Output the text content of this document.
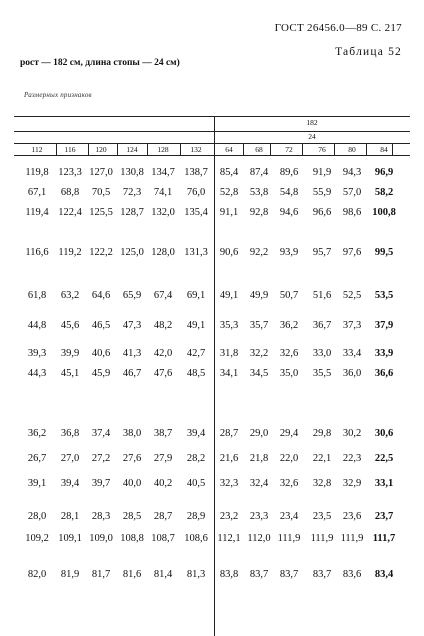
ГОСТ 26456.0—89 С. 217
Таблица 52
рост — 182 см, длина стопы — 24 см)
Размерных признаков
182
24
112	116	120	124	128	132	64	68	72	76	80	84
119,8 123,3 127,0 130,8 134,7 138,7	85,4	87,4	89,6	91,9	94,3	96,9
67,1	68,8	70,5	72,3	74,1	76,0	52,8	53,8	54,8	55,9	57,0	58,2
119,4 122,4 125,5 128,7 132,0 135,4	91,1	92,8	94,6	96,6	98,6	100,8
116,6 119,2 122,2 125,0 128,0 131,3	90,6	92,2	93,9	95,7	97,6	99,5
61,8	63,2	64,6	65,9	67,4	69,1	49,1	49,9	50,7	51,6	52,5	53,5
44,8	45,6	46,5	47,3	48,2	49,1	35,3	35,7	36,2	36,7	37,3	37,9
39,3	39,9	40,6	41,3	42,0	42,7	31,8	32,2	32,6	33,0	33,4	33,9
44,3	45,1	45,9	46,7	47,6	48,5	34,1	34,5	35,0	35,5	36,0	36,6
36,2	36,8	37,4	38,0	38,7	39,4	28,7	29,0	29,4	29,8	30,2	30,6
26,7	27,0	27,2	27,6	27,9	28,2	21,6	21,8	22,0	22,1	22,3	22,5
39,1	39,4	39,7	40,0	40,2	40,5	32,3	32,4	32,6	32,8	32,9	33,1
28,0	28,1	28,3	28,5	28,7	28,9	23,2	23,3	23,4	23,5	23,6	23,7
109,2 109,1 109,0 108,8 108,7 108,6 112,1 112,0 111,9 111,9 111,9 111,7
82,0	81,9	81,7	81,6	81,4	81,3	83,8	83,7	83,7	83,7	83,6	83,4
